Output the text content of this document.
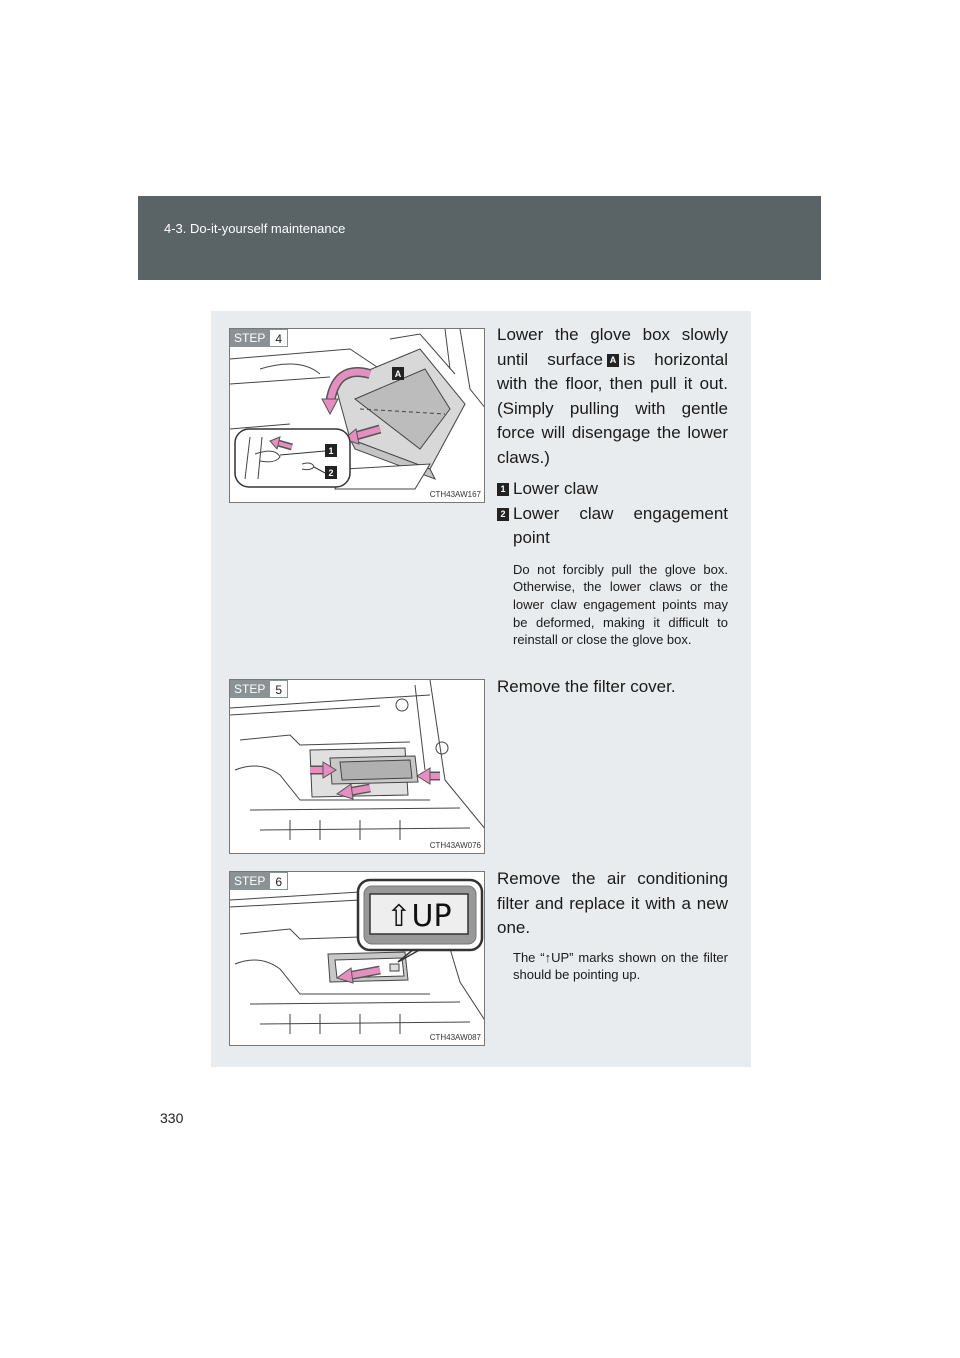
4-3. Do-it-yourself maintenance
A
1
2
STEP 4
CTH43AW167

Lower the glove box slowly until surface A is horizontal with the floor, then pull it out. (Simply pulling with gentle force will disengage the lower claws.)

1 Lower claw
2 Lower claw engagement point
Do not forcibly pull the glove box. Otherwise, the lower claws or the lower claw engagement points may be deformed, making it difficult to reinstall or close the glove box.
STEP 5
CTH43AW076

Remove the filter cover.

⇧UP
STEP 6
CTH43AW087

Remove the air conditioning filter and replace it with a new one.

The “↑UP” marks shown on the filter should be pointing up.
330
